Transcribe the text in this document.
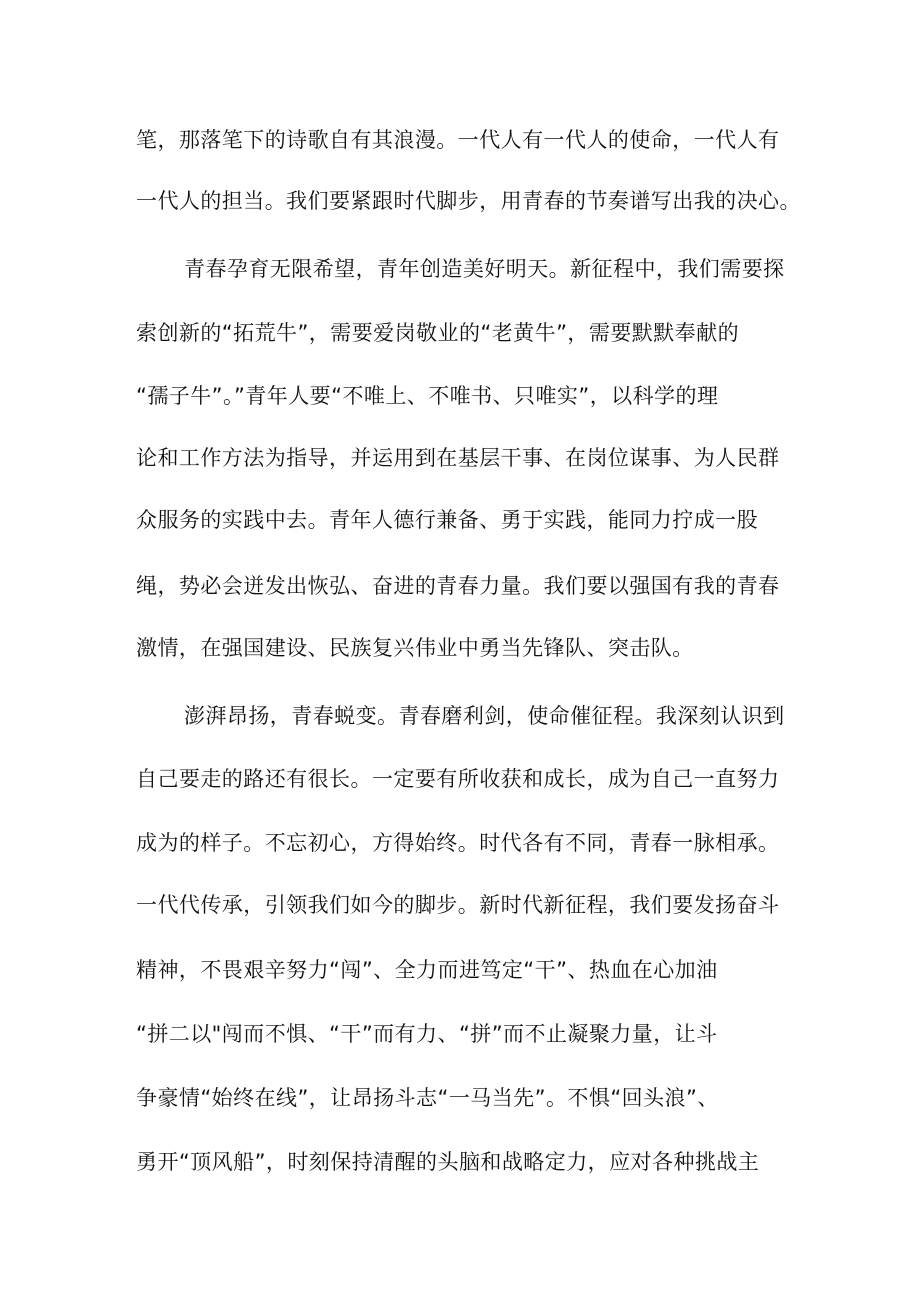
笔，那落笔下的诗歌自有其浪漫。一代人有一代人的使命，一代人有
一代人的担当。我们要紧跟时代脚步，用青春的节奏谱写出我的决心。
青春孕育无限希望，青年创造美好明天。新征程中，我们需要探
索创新的“拓荒牛”，需要爱岗敬业的“老黄牛”，需要默默奉献的
“孺子牛”。”青年人要“不唯上、不唯书、只唯实”，以科学的理
论和工作方法为指导，并运用到在基层干事、在岗位谋事、为人民群
众服务的实践中去。青年人德行兼备、勇于实践，能同力拧成一股
绳，势必会迸发出恢弘、奋进的青春力量。我们要以强国有我的青春
激情，在强国建设、民族复兴伟业中勇当先锋队、突击队。
澎湃昂扬，青春蜕变。青春磨利剑，使命催征程。我深刻认识到
自己要走的路还有很长。一定要有所收获和成长，成为自己一直努力
成为的样子。不忘初心，方得始终。时代各有不同，青春一脉相承。
一代代传承，引领我们如今的脚步。新时代新征程，我们要发扬奋斗
精神，不畏艰辛努力“闯”、全力而进笃定“干”、热血在心加油
“拼二以"闯而不惧、“干”而有力、“拼”而不止凝聚力量，让斗
争豪情“始终在线”，让昂扬斗志“一马当先”。不惧“回头浪”、
勇开“顶风船”，时刻保持清醒的头脑和战略定力，应对各种挑战主
